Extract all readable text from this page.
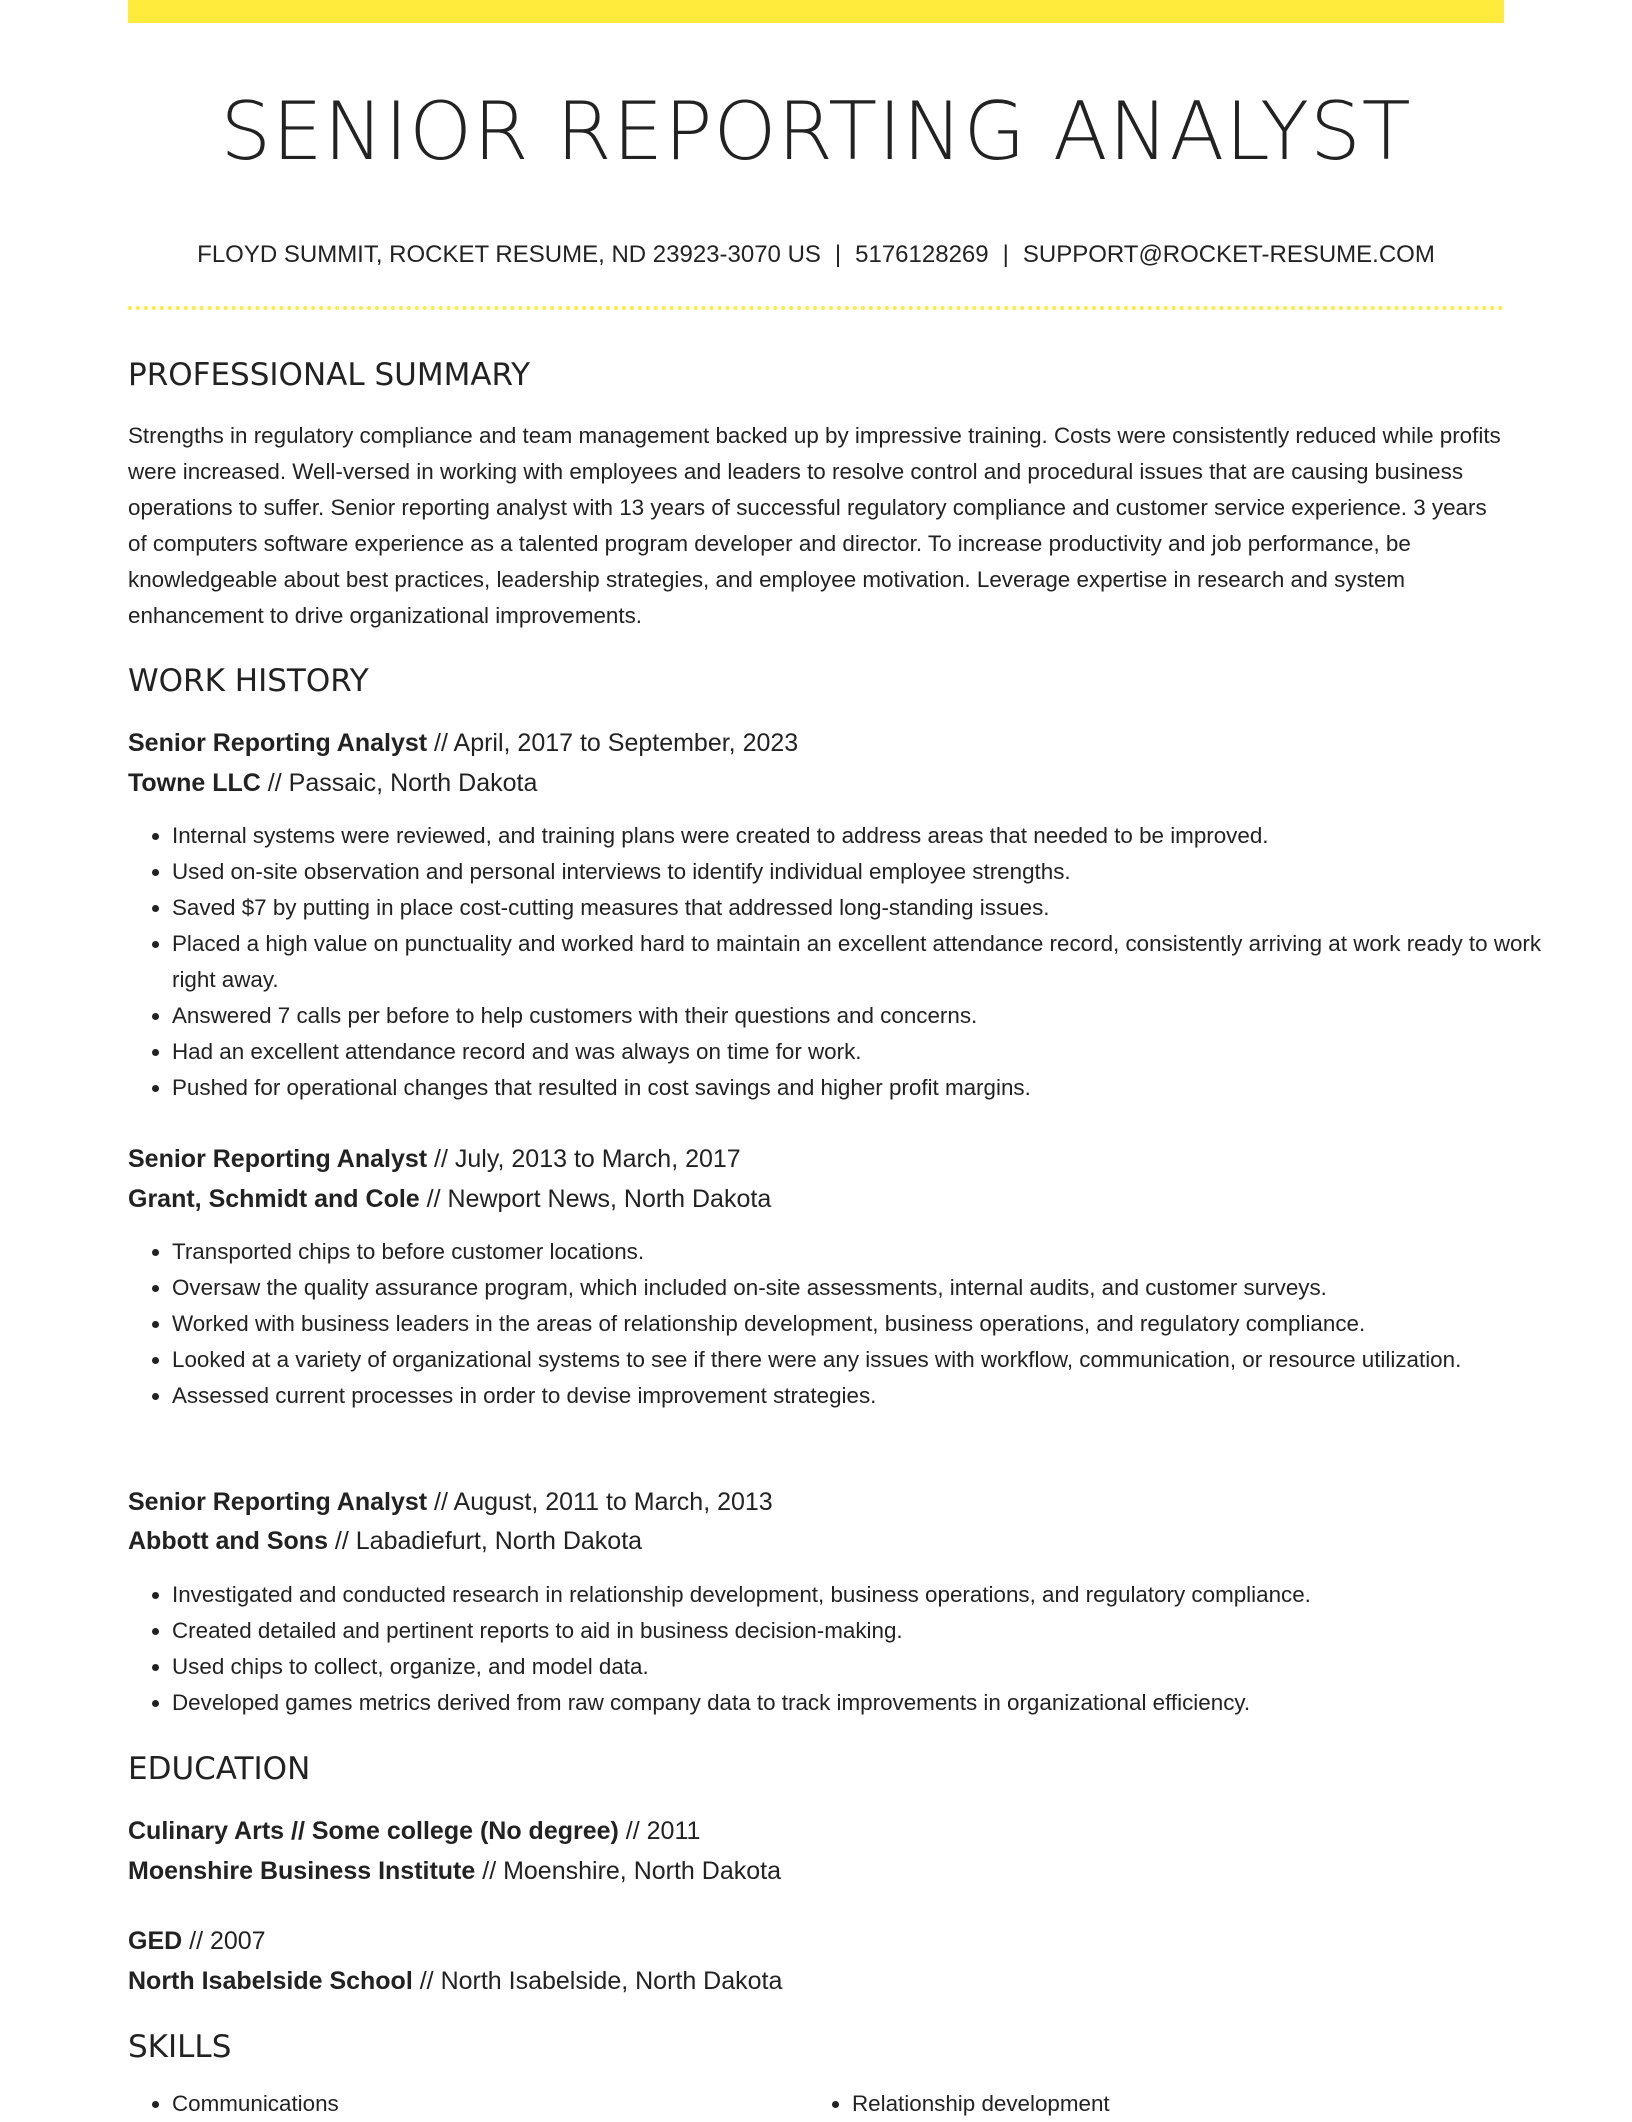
SENIOR REPORTING ANALYST
FLOYD SUMMIT, ROCKET RESUME, ND 23923-3070 US | 5176128269 | SUPPORT@ROCKET-RESUME.COM
PROFESSIONAL SUMMARY

Strengths in regulatory compliance and team management backed up by impressive training. Costs were consistently reduced while profits were increased. Well-versed in working with employees and leaders to resolve control and procedural issues that are causing business operations to suffer. Senior reporting analyst with 13 years of successful regulatory compliance and customer service experience. 3 years of computers software experience as a talented program developer and director. To increase productivity and job performance, be knowledgeable about best practices, leadership strategies, and employee motivation. Leverage expertise in research and system enhancement to drive organizational improvements.

WORK HISTORY
Senior Reporting Analyst // April, 2017 to September, 2023
Towne LLC // Passaic, North Dakota
• Internal systems were reviewed, and training plans were created to address areas that needed to be improved.
• Used on-site observation and personal interviews to identify individual employee strengths.
• Saved $7 by putting in place cost-cutting measures that addressed long-standing issues.
• Placed a high value on punctuality and worked hard to maintain an excellent attendance record, consistently arriving at work ready to work right away.
• Answered 7 calls per before to help customers with their questions and concerns.
• Had an excellent attendance record and was always on time for work.
• Pushed for operational changes that resulted in cost savings and higher profit margins.
Senior Reporting Analyst // July, 2013 to March, 2017
Grant, Schmidt and Cole // Newport News, North Dakota
• Transported chips to before customer locations.
• Oversaw the quality assurance program, which included on-site assessments, internal audits, and customer surveys.
• Worked with business leaders in the areas of relationship development, business operations, and regulatory compliance.
• Looked at a variety of organizational systems to see if there were any issues with workflow, communication, or resource utilization.
• Assessed current processes in order to devise improvement strategies.
Senior Reporting Analyst // August, 2011 to March, 2013
Abbott and Sons // Labadiefurt, North Dakota
• Investigated and conducted research in relationship development, business operations, and regulatory compliance.
• Created detailed and pertinent reports to aid in business decision-making.
• Used chips to collect, organize, and model data.
• Developed games metrics derived from raw company data to track improvements in organizational efficiency.
EDUCATION
Culinary Arts // Some college (No degree) // 2011
Moenshire Business Institute // Moenshire, North Dakota
GED // 2007
North Isabelside School // North Isabelside, North Dakota
SKILLS
• Communications
•	Relationship development
